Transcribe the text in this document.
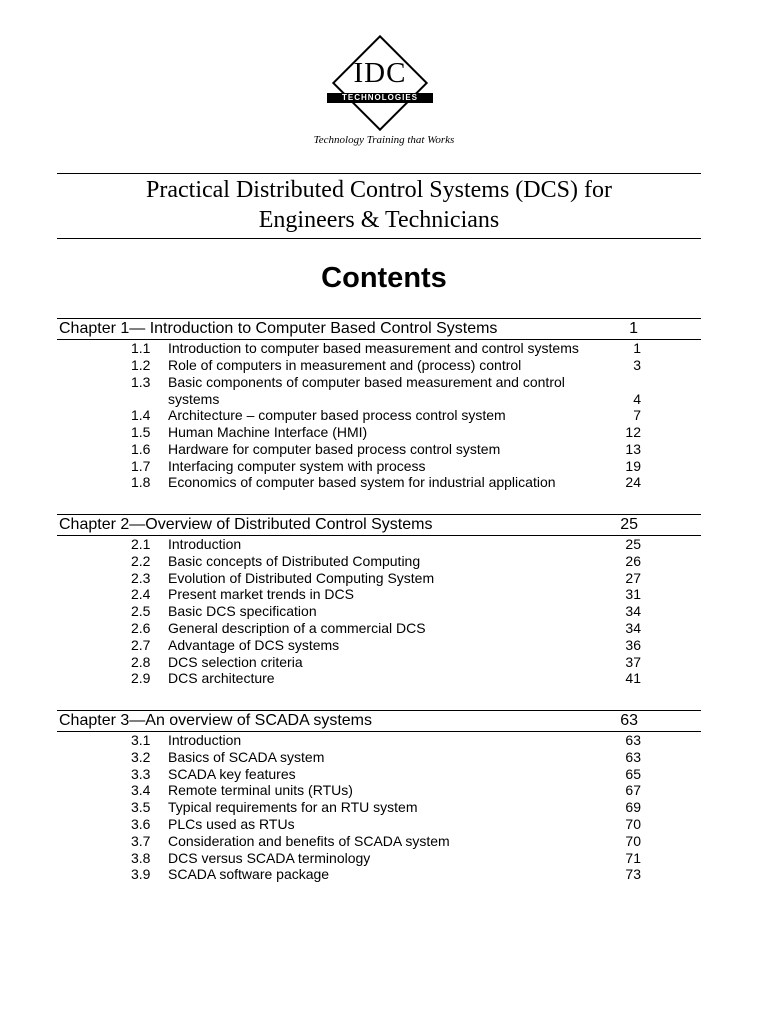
IDC
TECHNOLOGIES
Technology Training that Works
Practical Distributed Control Systems (DCS) for
Engineers & Technicians
Contents
Chapter 1— Introduction to Computer Based Control Systems	1
1.1 Introduction to computer based measurement and control systems	1
1.2 Role of computers in measurement and (process) control	3
1.3 Basic components of computer based measurement and control
systems	4
1.4 Architecture – computer based process control system	7
1.5 Human Machine Interface (HMI)	12
1.6 Hardware for computer based process control system	13
1.7 Interfacing computer system with process	19
1.8 Economics of computer based system for industrial application	24
Chapter 2—Overview of Distributed Control Systems	25
2.1 Introduction	25
2.2 Basic concepts of Distributed Computing	26
2.3 Evolution of Distributed Computing System	27
2.4 Present market trends in DCS	31
2.5 Basic DCS specification	34
2.6 General description of a commercial DCS	34
2.7 Advantage of DCS systems	36
2.8 DCS selection criteria	37
2.9 DCS architecture	41
Chapter 3—An overview of SCADA systems	63
3.1 Introduction	63
3.2 Basics of SCADA system	63
3.3 SCADA key features	65
3.4 Remote terminal units (RTUs)	67
3.5 Typical requirements for an RTU system	69
3.6 PLCs used as RTUs	70
3.7 Consideration and benefits of SCADA system	70
3.8 DCS versus SCADA terminology	71
3.9 SCADA software package	73
